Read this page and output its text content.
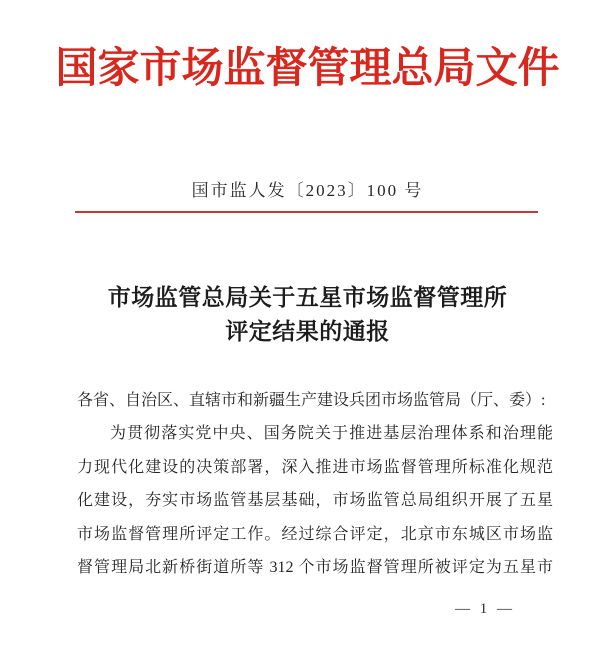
国家市场监督管理总局文件
国市监人发〔2023〕100 号
市场监管总局关于五星市场监督管理所
评定结果的通报
各省、自治区、直辖市和新疆生产建设兵团市场监管局（厅、委）:
为贯彻落实党中央、国务院关于推进基层治理体系和治理能
力现代化建设的决策部署，深入推进市场监督管理所标准化规范
化建设，夯实市场监管基层基础，市场监管总局组织开展了五星
市场监督管理所评定工作。经过综合评定，北京市东城区市场监
督管理局北新桥街道所等 312 个市场监督管理所被评定为五星市
— 1 —
